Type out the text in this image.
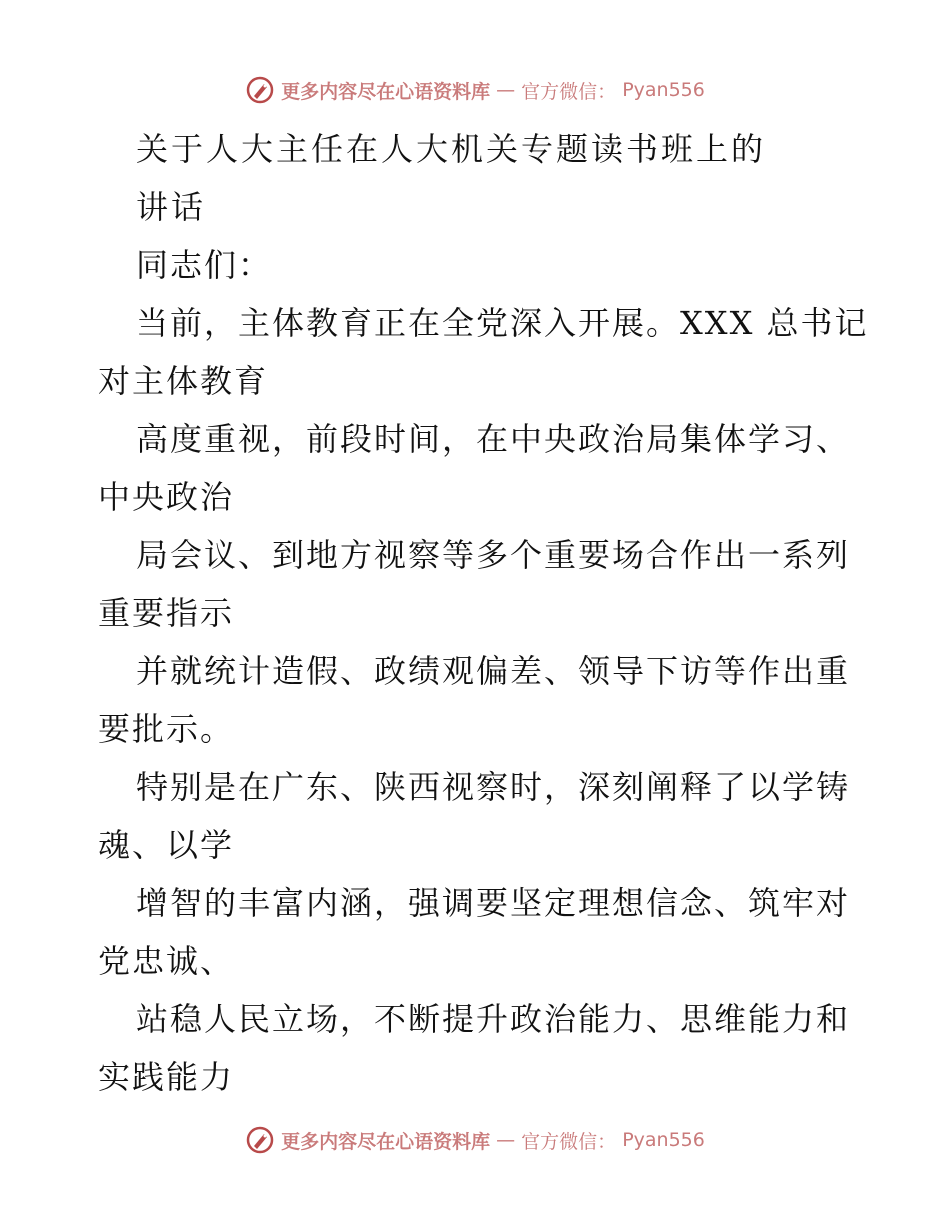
更多内容尽在心语资料库 — 官方微信： Pyan556
关于人大主任在人大机关专题读书班上的
讲话
同志们：
当前，主体教育正在全党深入开展。XXX 总书记
对主体教育
高度重视，前段时间，在中央政治局集体学习、
中央政治
局会议、到地方视察等多个重要场合作出一系列
重要指示
并就统计造假、政绩观偏差、领导下访等作出重
要批示。
特别是在广东、陕西视察时，深刻阐释了以学铸
魂、以学
增智的丰富内涵，强调要坚定理想信念、筑牢对
党忠诚、
站稳人民立场，不断提升政治能力、思维能力和
实践能力
更多内容尽在心语资料库 — 官方微信： Pyan556
